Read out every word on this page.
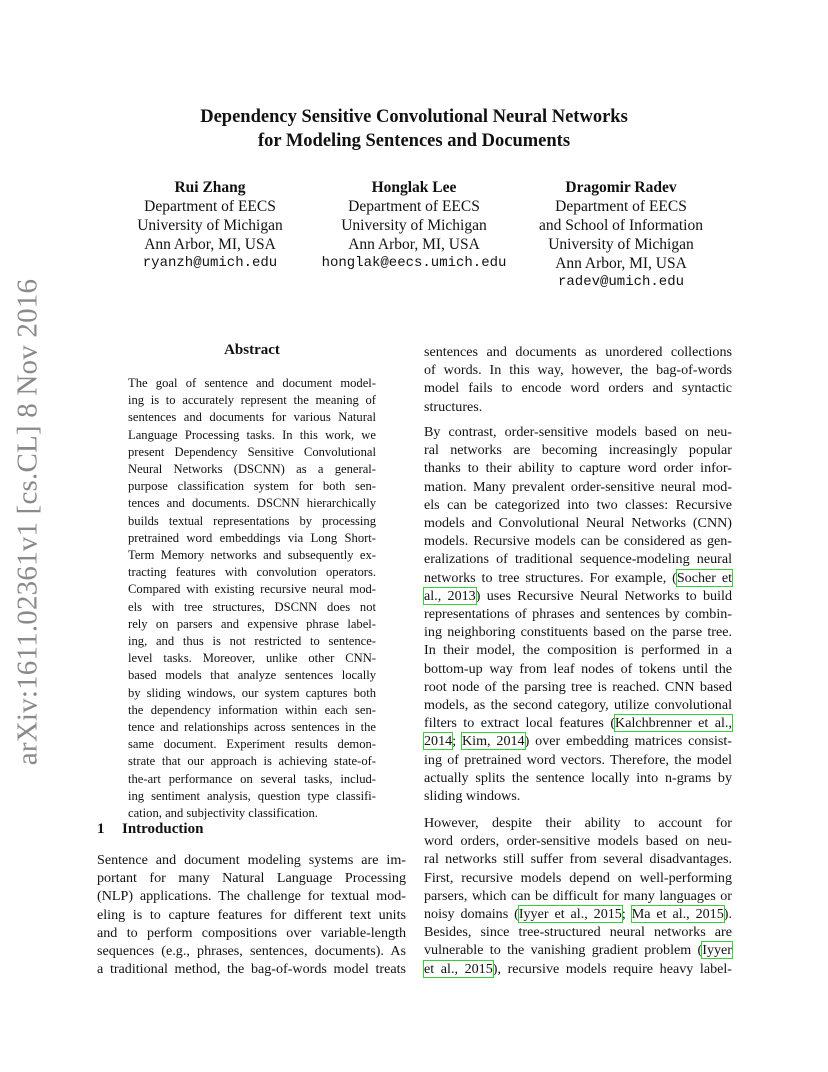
arXiv:1611.02361v1 [cs.CL] 8 Nov 2016
Dependency Sensitive Convolutional Neural Networks
for Modeling Sentences and Documents
Rui Zhang
Department of EECS
University of Michigan
Ann Arbor, MI, USA
ryanzh@umich.edu
Honglak Lee
Department of EECS
University of Michigan
Ann Arbor, MI, USA
honglak@eecs.umich.edu
Dragomir Radev
Department of EECS
and School of Information
University of Michigan
Ann Arbor, MI, USA
radev@umich.edu
Abstract
The goal of sentence and document model-
ing is to accurately represent the meaning of
sentences and documents for various Natural
Language Processing tasks. In this work, we
present Dependency Sensitive Convolutional
Neural Networks (DSCNN) as a general-
purpose classification system for both sen-
tences and documents. DSCNN hierarchically
builds textual representations by processing
pretrained word embeddings via Long Short-
Term Memory networks and subsequently ex-
tracting features with convolution operators.
Compared with existing recursive neural mod-
els with tree structures, DSCNN does not
rely on parsers and expensive phrase label-
ing, and thus is not restricted to sentence-
level tasks. Moreover, unlike other CNN-
based models that analyze sentences locally
by sliding windows, our system captures both
the dependency information within each sen-
tence and relationships across sentences in the
same document. Experiment results demon-
strate that our approach is achieving state-of-
the-art performance on several tasks, includ-
ing sentiment analysis, question type classifi-
cation, and subjectivity classification.
1 Introduction
Sentence and document modeling systems are im-
portant for many Natural Language Processing
(NLP) applications. The challenge for textual mod-
eling is to capture features for different text units
and to perform compositions over variable-length
sequences (e.g., phrases, sentences, documents). As
a traditional method, the bag-of-words model treats
sentences and documents as unordered collections
of words. In this way, however, the bag-of-words
model fails to encode word orders and syntactic
structures.
By contrast, order-sensitive models based on neu-
ral networks are becoming increasingly popular
thanks to their ability to capture word order infor-
mation. Many prevalent order-sensitive neural mod-
els can be categorized into two classes: Recursive
models and Convolutional Neural Networks (CNN)
models. Recursive models can be considered as gen-
eralizations of traditional sequence-modeling neural
networks to tree structures. For example, (Socher et
al., 2013) uses Recursive Neural Networks to build
representations of phrases and sentences by combin-
ing neighboring constituents based on the parse tree.
In their model, the composition is performed in a
bottom-up way from leaf nodes of tokens until the
root node of the parsing tree is reached. CNN based
models, as the second category, utilize convolutional
filters to extract local features (Kalchbrenner et al.,
2014; Kim, 2014) over embedding matrices consist-
ing of pretrained word vectors. Therefore, the model
actually splits the sentence locally into n-grams by
sliding windows.
However, despite their ability to account for
word orders, order-sensitive models based on neu-
ral networks still suffer from several disadvantages.
First, recursive models depend on well-performing
parsers, which can be difficult for many languages or
noisy domains (Iyyer et al., 2015; Ma et al., 2015).
Besides, since tree-structured neural networks are
vulnerable to the vanishing gradient problem (Iyyer
et al., 2015), recursive models require heavy label-
